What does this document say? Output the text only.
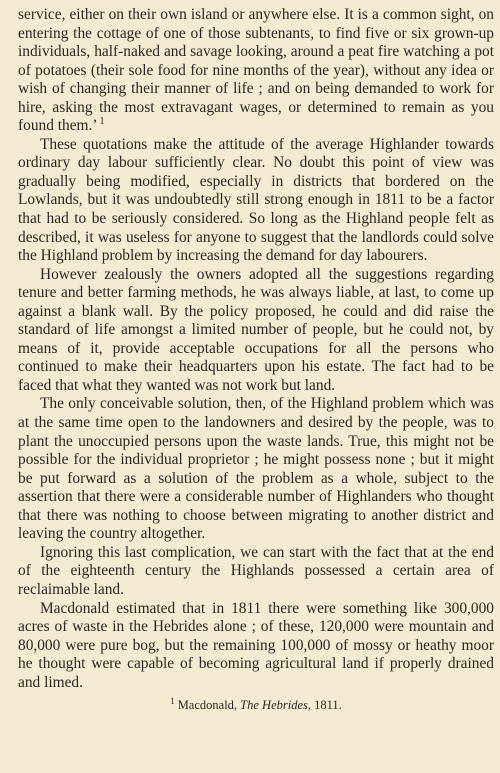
service, either on their own island or anywhere else. It is a common sight, on entering the cottage of one of those subtenants, to find five or six grown-up individuals, half-naked and savage looking, around a peat fire watching a pot of potatoes (their sole food for nine months of the year), without any idea or wish of changing their manner of life ; and on being demanded to work for hire, asking the most extravagant wages, or determined to remain as you found them.’ $^1$

These quotations make the attitude of the average Highlander towards ordinary day labour sufficiently clear. No doubt this point of view was gradually being modified, especially in districts that bordered on the Lowlands, but it was undoubtedly still strong enough in 1811 to be a factor that had to be seriously considered. So long as the Highland people felt as described, it was useless for anyone to suggest that the landlords could solve the Highland problem by increasing the demand for day labourers.

However zealously the owners adopted all the suggestions regarding tenure and better farming methods, he was always liable, at last, to come up against a blank wall. By the policy proposed, he could and did raise the standard of life amongst a limited number of people, but he could not, by means of it, provide acceptable occupations for all the persons who continued to make their headquarters upon his estate. The fact had to be faced that what they wanted was not work but land.

The only conceivable solution, then, of the Highland problem which was at the same time open to the landowners and desired by the people, was to plant the unoccupied persons upon the waste lands. True, this might not be possible for the individual proprietor ; he might possess none ; but it might be put forward as a solution of the problem as a whole, subject to the assertion that there were a considerable number of Highlanders who thought that there was nothing to choose between migrating to another district and leaving the country altogether.

Ignoring this last complication, we can start with the fact that at the end of the eighteenth century the Highlands possessed a certain area of reclaimable land.

Macdonald estimated that in 1811 there were something like 300,000 acres of waste in the Hebrides alone ; of these, 120,000 were mountain and 80,000 were pure bog, but the remaining 100,000 of mossy or heathy moor he thought were capable of becoming agricultural land if properly drained and limed.

$^1$ Macdonald, The Hebrides, 1811.
